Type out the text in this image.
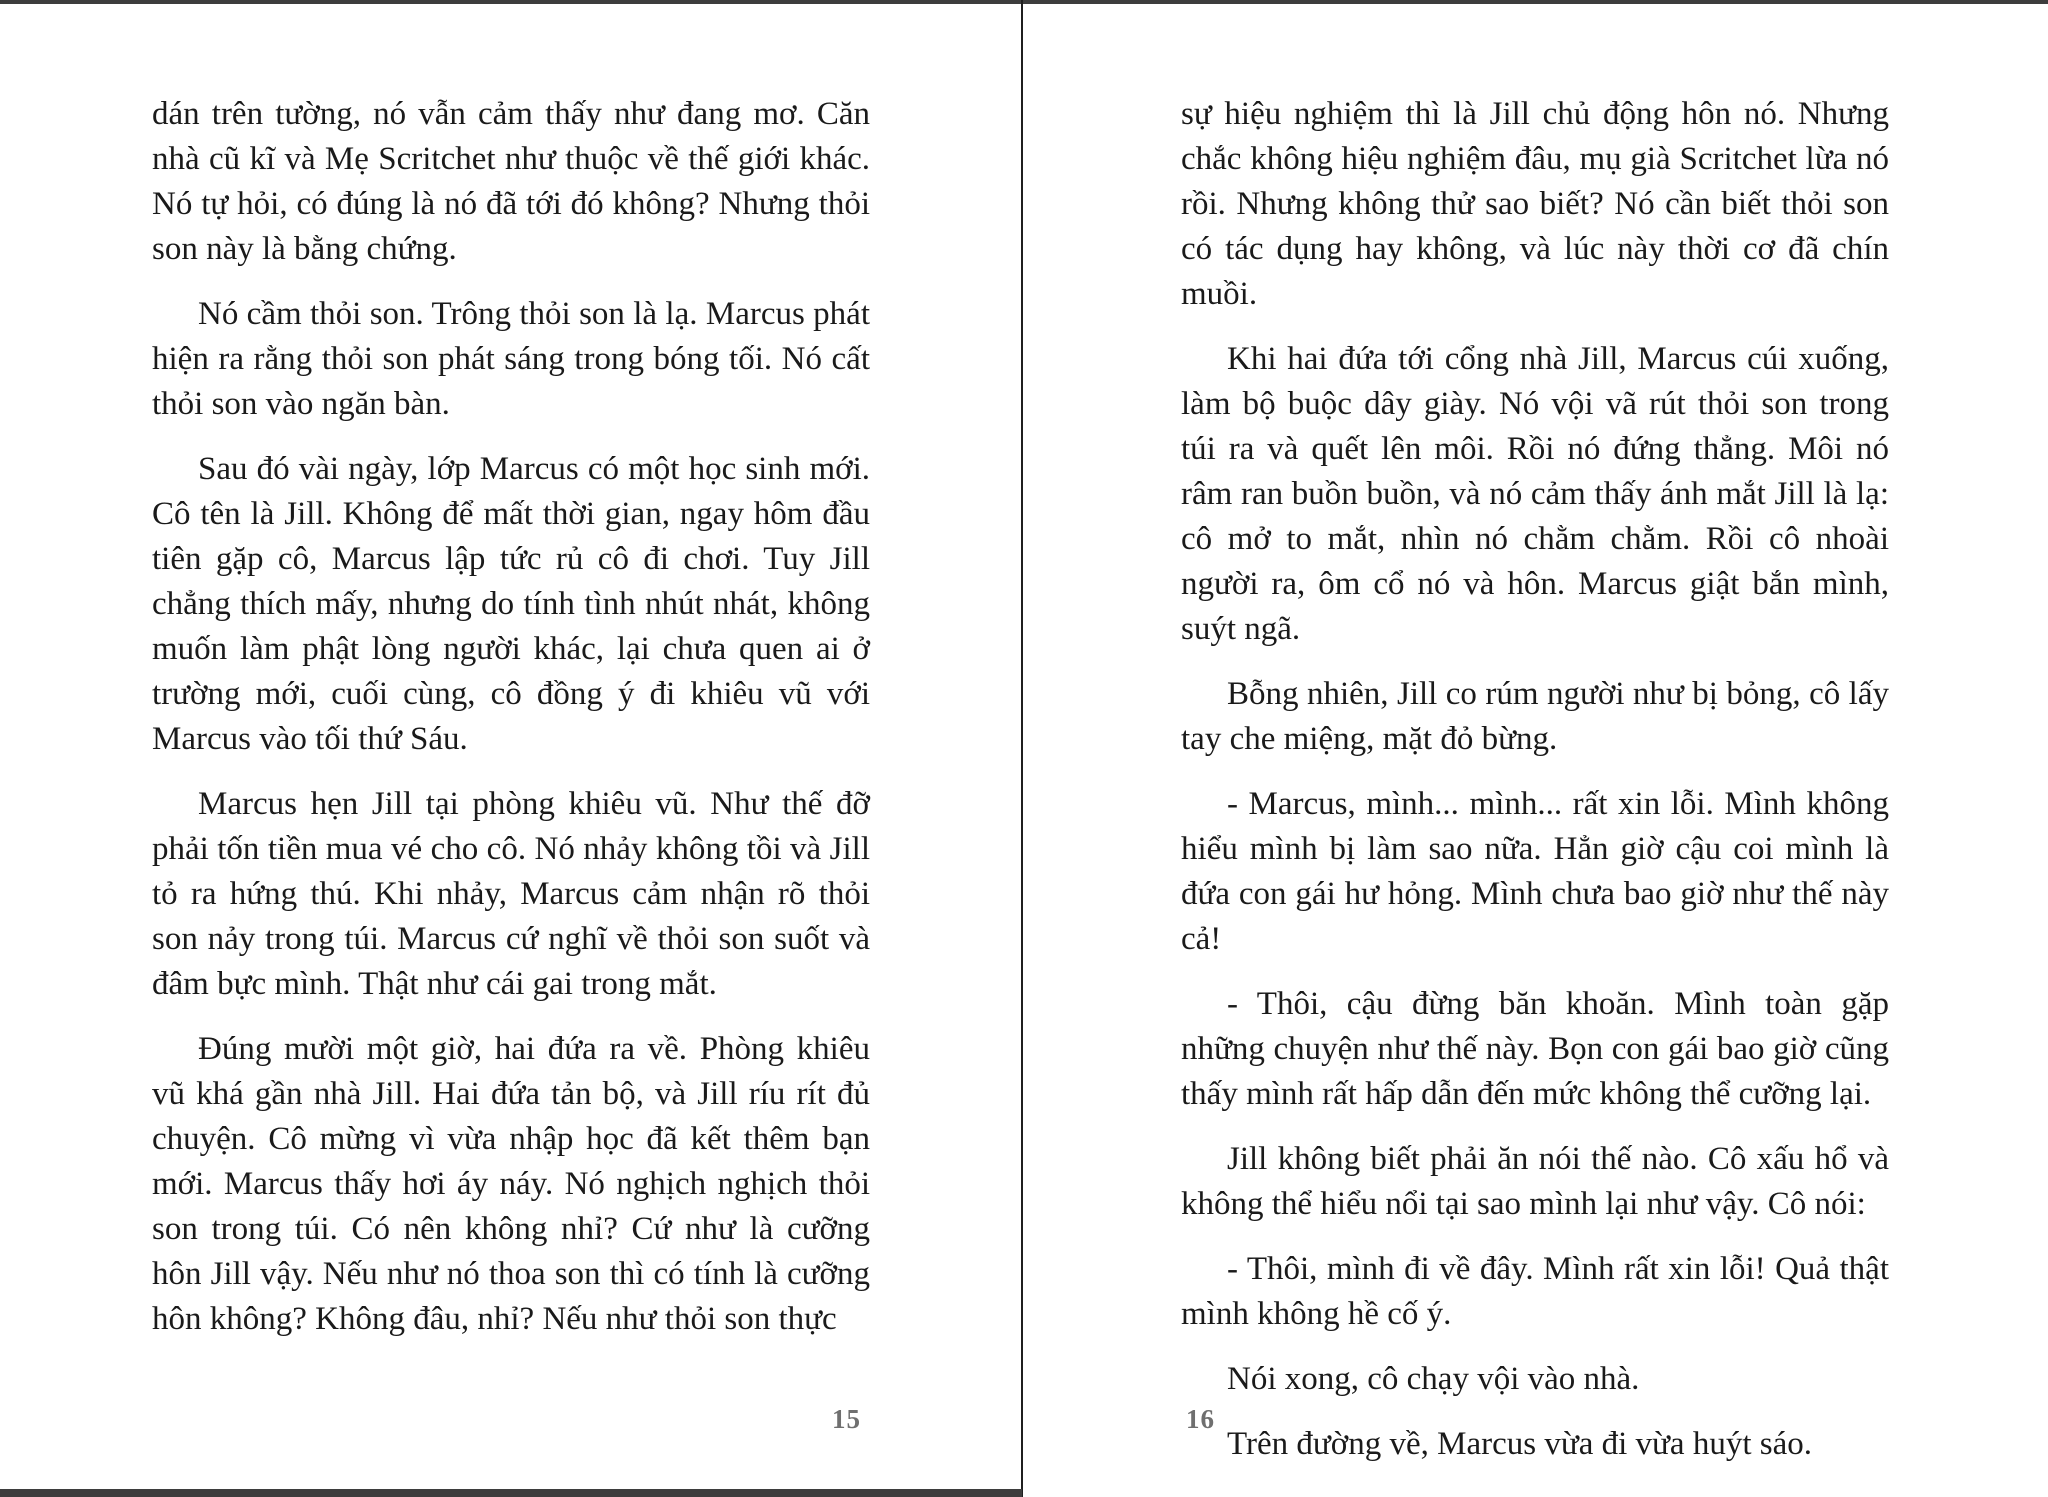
dán trên tường, nó vẫn cảm thấy như đang mơ. Căn nhà cũ kĩ và Mẹ Scritchet như thuộc về thế giới khác. Nó tự hỏi, có đúng là nó đã tới đó không? Nhưng thỏi son này là bằng chứng.

Nó cầm thỏi son. Trông thỏi son là lạ. Marcus phát hiện ra rằng thỏi son phát sáng trong bóng tối. Nó cất thỏi son vào ngăn bàn.

Sau đó vài ngày, lớp Marcus có một học sinh mới. Cô tên là Jill. Không để mất thời gian, ngay hôm đầu tiên gặp cô, Marcus lập tức rủ cô đi chơi. Tuy Jill chẳng thích mấy, nhưng do tính tình nhút nhát, không muốn làm phật lòng người khác, lại chưa quen ai ở trường mới, cuối cùng, cô đồng ý đi khiêu vũ với Marcus vào tối thứ Sáu.

Marcus hẹn Jill tại phòng khiêu vũ. Như thế đỡ phải tốn tiền mua vé cho cô. Nó nhảy không tồi và Jill tỏ ra hứng thú. Khi nhảy, Marcus cảm nhận rõ thỏi son nảy trong túi. Marcus cứ nghĩ về thỏi son suốt và đâm bực mình. Thật như cái gai trong mắt.

Đúng mười một giờ, hai đứa ra về. Phòng khiêu vũ khá gần nhà Jill. Hai đứa tản bộ, và Jill ríu rít đủ chuyện. Cô mừng vì vừa nhập học đã kết thêm bạn mới. Marcus thấy hơi áy náy. Nó nghịch nghịch thỏi son trong túi. Có nên không nhỉ? Cứ như là cưỡng hôn Jill vậy. Nếu như nó thoa son thì có tính là cưỡng hôn không? Không đâu, nhỉ? Nếu như thỏi son thực

15

sự hiệu nghiệm thì là Jill chủ động hôn nó. Nhưng chắc không hiệu nghiệm đâu, mụ già Scritchet lừa nó rồi. Nhưng không thử sao biết? Nó cần biết thỏi son có tác dụng hay không, và lúc này thời cơ đã chín muồi.

Khi hai đứa tới cổng nhà Jill, Marcus cúi xuống, làm bộ buộc dây giày. Nó vội vã rút thỏi son trong túi ra và quết lên môi. Rồi nó đứng thẳng. Môi nó râm ran buồn buồn, và nó cảm thấy ánh mắt Jill là lạ: cô mở to mắt, nhìn nó chằm chằm. Rồi cô nhoài người ra, ôm cổ nó và hôn. Marcus giật bắn mình, suýt ngã.

Bỗng nhiên, Jill co rúm người như bị bỏng, cô lấy tay che miệng, mặt đỏ bừng.

- Marcus, mình... mình... rất xin lỗi. Mình không hiểu mình bị làm sao nữa. Hẳn giờ cậu coi mình là đứa con gái hư hỏng. Mình chưa bao giờ như thế này cả!

- Thôi, cậu đừng băn khoăn. Mình toàn gặp những chuyện như thế này. Bọn con gái bao giờ cũng thấy mình rất hấp dẫn đến mức không thể cưỡng lại.

Jill không biết phải ăn nói thế nào. Cô xấu hổ và không thể hiểu nổi tại sao mình lại như vậy. Cô nói:

- Thôi, mình đi về đây. Mình rất xin lỗi! Quả thật mình không hề cố ý.

Nói xong, cô chạy vội vào nhà.

Trên đường về, Marcus vừa đi vừa huýt sáo.

16
